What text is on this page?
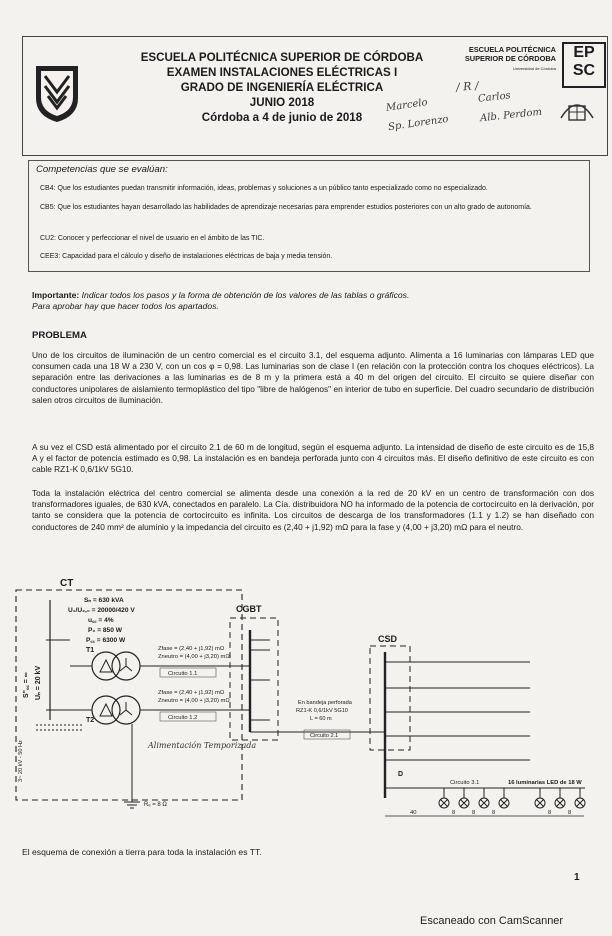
ESCUELA POLITÉCNICA SUPERIOR DE CÓRDOBA
EXAMEN INSTALACIONES ELÉCTRICAS I
GRADO DE INGENIERÍA ELÉCTRICA
JUNIO 2018
Córdoba a 4 de junio de 2018
ESCUELA POLITÉCNICA
SUPERIOR DE CÓRDOBA
Universidad de Córdoba
EP
SC
/ R /
Marcelo
Sp. Lorenzo
Carlos
Alb. Perdom
Competencias que se evalúan:
CB4: Que los estudiantes puedan transmitir información, ideas, problemas y soluciones a un público tanto especializado como no especializado.
CB5: Que los estudiantes hayan desarrollado las habilidades de aprendizaje necesarias para emprender estudios posteriores con un alto grado de autonomía.
CU2: Conocer y perfeccionar el nivel de usuario en el ámbito de las TIC.
CEE3: Capacidad para el cálculo y diseño de instalaciones eléctricas de baja y media tensión.
Importante: Indicar todos los pasos y la forma de obtención de los valores de las tablas o gráficos.
Para aprobar hay que hacer todos los apartados.
PROBLEMA
Uno de los circuitos de iluminación de un centro comercial es el circuito 3.1, del esquema adjunto. Alimenta a 16 luminarias con lámparas LED que consumen cada una 18 W a 230 V, con un cos φ = 0,98. Las luminarias son de clase I (en relación con la protección contra los choques eléctricos). La separación entre las derivaciones a las luminarias es de 8 m y la primera está a 40 m del origen del circuito. El circuito se quiere diseñar con conductores unipolares de aislamiento termoplástico del tipo "libre de halógenos" en interior de tubo en superficie. Del cuadro secundario de distribución salen otros circuitos de iluminación.
A su vez el CSD está alimentado por el circuito 2.1 de 60 m de longitud, según el esquema adjunto. La intensidad de diseño de este circuito es de 15,8 A y el factor de potencia estimado es 0,98. La instalación es en bandeja perforada junto con 4 circuitos más. El diseño definitivo de este circuito es con cable RZ1-K 0,6/1kV 5G10.
Toda la instalación eléctrica del centro comercial se alimenta desde una conexión a la red de 20 kV en un centro de transformación con dos transformadores iguales, de 630 kVA, conectados en paralelo. La Cía. distribuidora NO ha informado de la potencia de cortocircuito en la derivación, por tanto se considera que la potencia de cortocircuito es infinita. Los circuitos de descarga de los transformadores (1.1 y 1.2) se han diseñado con conductores de 240 mm² de aluminio y la impedancia del circuito es (2,40 + j1,92) mΩ para la fase y (4,00 + j3,20) mΩ para el neutro.
CT
CGBT
CSD
Sₙ = 630 kVA
U₁/U₂,₀ = 20000/420 V
u꜀꜀ = 4%
P₀ = 850 W
P꜀꜀ = 6300 W
S"꜀꜀ = ∞ Uₙ = 20 kV
3~ 20 kV - 50 Hz
T1
T2
Zfase = (2,40 + j1,92) mΩ
Zneutro = (4,00 + j3,20) mΩ
Circuito 1.1
Zfase = (2,40 + j1,92) mΩ
Zneutro = (4,00 + j3,20) mΩ
Circuito 1.2
En bandeja perforada
RZ1-K 0,6/1kV 5G10
L = 60 m
Circuito 2.1
Alimentación Temporizada
D
Circuito 3.1	16 luminarias LED de 18 W
40	8	8	8	8	8
Rₑ = 8 Ω
El esquema de conexión a tierra para toda la instalación es TT.
1
Escaneado con CamScanner
